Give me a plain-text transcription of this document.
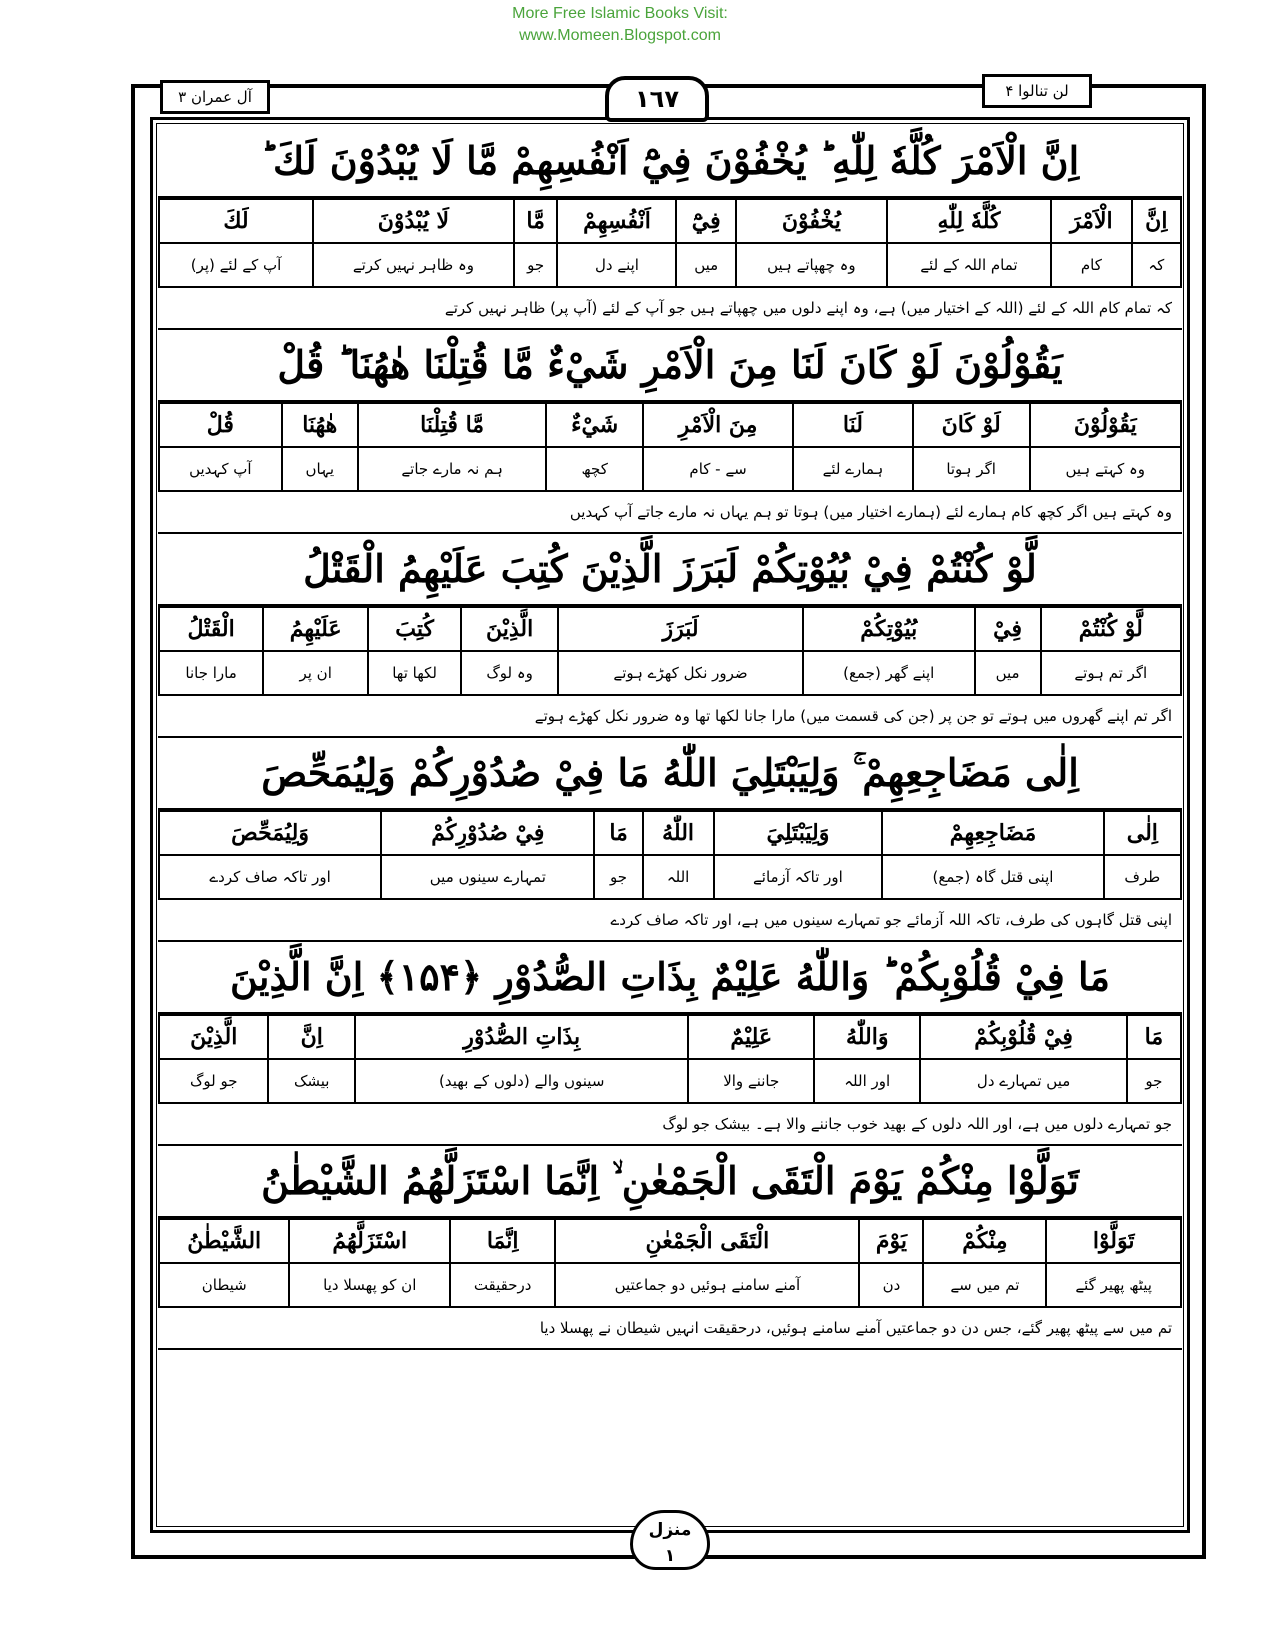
More Free Islamic Books Visit:
www.Momeen.Blogspot.com
لن تنالوا ۴
آل عمران ۳	١٦٧
اِنَّ الْاَمْرَ كُلَّهٗ لِلّٰهِ ؕ يُخْفُوْنَ فِيْٓ اَنْفُسِهِمْ مَّا لَا يُبْدُوْنَ لَكَ ؕ
اِنَّ	الْاَمْرَ	كُلَّهٗ لِلّٰهِ	يُخْفُوْنَ	فِيْٓ	اَنْفُسِهِمْ	مَّا	لَا يُبْدُوْنَ	لَكَ
کہ	کام	تمام اللہ کے لئے	وہ چھپاتے ہیں	میں	اپنے دل	جو	وہ ظاہر نہیں کرتے	آپ کے لئے (پر)
کہ تمام کام اللہ کے لئے (اللہ کے اختیار میں) ہے، وہ اپنے دلوں میں چھپاتے ہیں جو آپ کے لئے (آپ پر) ظاہر نہیں کرتے
يَقُوْلُوْنَ لَوْ كَانَ لَنَا مِنَ الْاَمْرِ شَيْءٌ مَّا قُتِلْنَا هٰهُنَا ؕ قُلْ
يَقُوْلُوْنَ	لَوْ كَانَ	لَنَا	مِنَ الْاَمْرِ	شَيْءٌ	مَّا قُتِلْنَا	هٰهُنَا	قُلْ
وہ کہتے ہیں	اگر ہوتا	ہمارے لئے	سے - کام	کچھ	ہم نہ مارے جاتے	یہاں	آپ کہدیں
وہ کہتے ہیں اگر کچھ کام ہمارے لئے (ہمارے اختیار میں) ہوتا تو ہم یہاں نہ مارے جاتے آپ کہدیں
لَّوْ كُنْتُمْ فِيْ بُيُوْتِكُمْ لَبَرَزَ الَّذِيْنَ كُتِبَ عَلَيْهِمُ الْقَتْلُ
لَّوْ كُنْتُمْ	فِيْ	بُيُوْتِكُمْ	لَبَرَزَ	الَّذِيْنَ	كُتِبَ	عَلَيْهِمُ	الْقَتْلُ
اگر تم ہوتے	میں	اپنے گھر (جمع)	ضرور نکل کھڑے ہوتے	وہ لوگ	لکھا تھا	ان پر	مارا جانا
اگر تم اپنے گھروں میں ہوتے تو جن پر (جن کی قسمت میں) مارا جانا لکھا تھا وہ ضرور نکل کھڑے ہوتے
اِلٰى مَضَاجِعِهِمْ ۚ وَلِيَبْتَلِيَ اللّٰهُ مَا فِيْ صُدُوْرِكُمْ وَلِيُمَحِّصَ
اِلٰى	مَضَاجِعِهِمْ	وَلِيَبْتَلِيَ	اللّٰهُ	مَا	فِيْ صُدُوْرِكُمْ	وَلِيُمَحِّصَ
طرف	اپنی قتل گاہ (جمع)	اور تاکہ آزمائے	اللہ	جو	تمہارے سینوں میں	اور تاکہ صاف کردے
اپنی قتل گاہوں کی طرف، تاکہ اللہ آزمائے جو تمہارے سینوں میں ہے، اور تاکہ صاف کردے
مَا فِيْ قُلُوْبِكُمْ ؕ وَاللّٰهُ عَلِيْمٌ بِذَاتِ الصُّدُوْرِ ﴿۱۵۴﴾ اِنَّ الَّذِيْنَ
مَا	فِيْ قُلُوْبِكُمْ	وَاللّٰهُ	عَلِيْمٌ	بِذَاتِ الصُّدُوْرِ	اِنَّ	الَّذِيْنَ
جو	میں تمہارے دل	اور اللہ	جاننے والا	سینوں والے (دلوں کے بھید)	بیشک	جو لوگ
جو تمہارے دلوں میں ہے، اور اللہ دلوں کے بھید خوب جاننے والا ہے۔ بیشک جو لوگ
تَوَلَّوْا مِنْكُمْ يَوْمَ الْتَقَى الْجَمْعٰنِ ۙ اِنَّمَا اسْتَزَلَّهُمُ الشَّيْطٰنُ
تَوَلَّوْا	مِنْكُمْ	يَوْمَ	الْتَقَى الْجَمْعٰنِ	اِنَّمَا	اسْتَزَلَّهُمُ	الشَّيْطٰنُ
پیٹھ پھیر گئے	تم میں سے	دن	آمنے سامنے ہوئیں دو جماعتیں	درحقیقت	ان کو پھسلا دیا	شیطان
تم میں سے پیٹھ پھیر گئے، جس دن دو جماعتیں آمنے سامنے ہوئیں، درحقیقت انہیں شیطان نے پھسلا دیا
منزل
١
